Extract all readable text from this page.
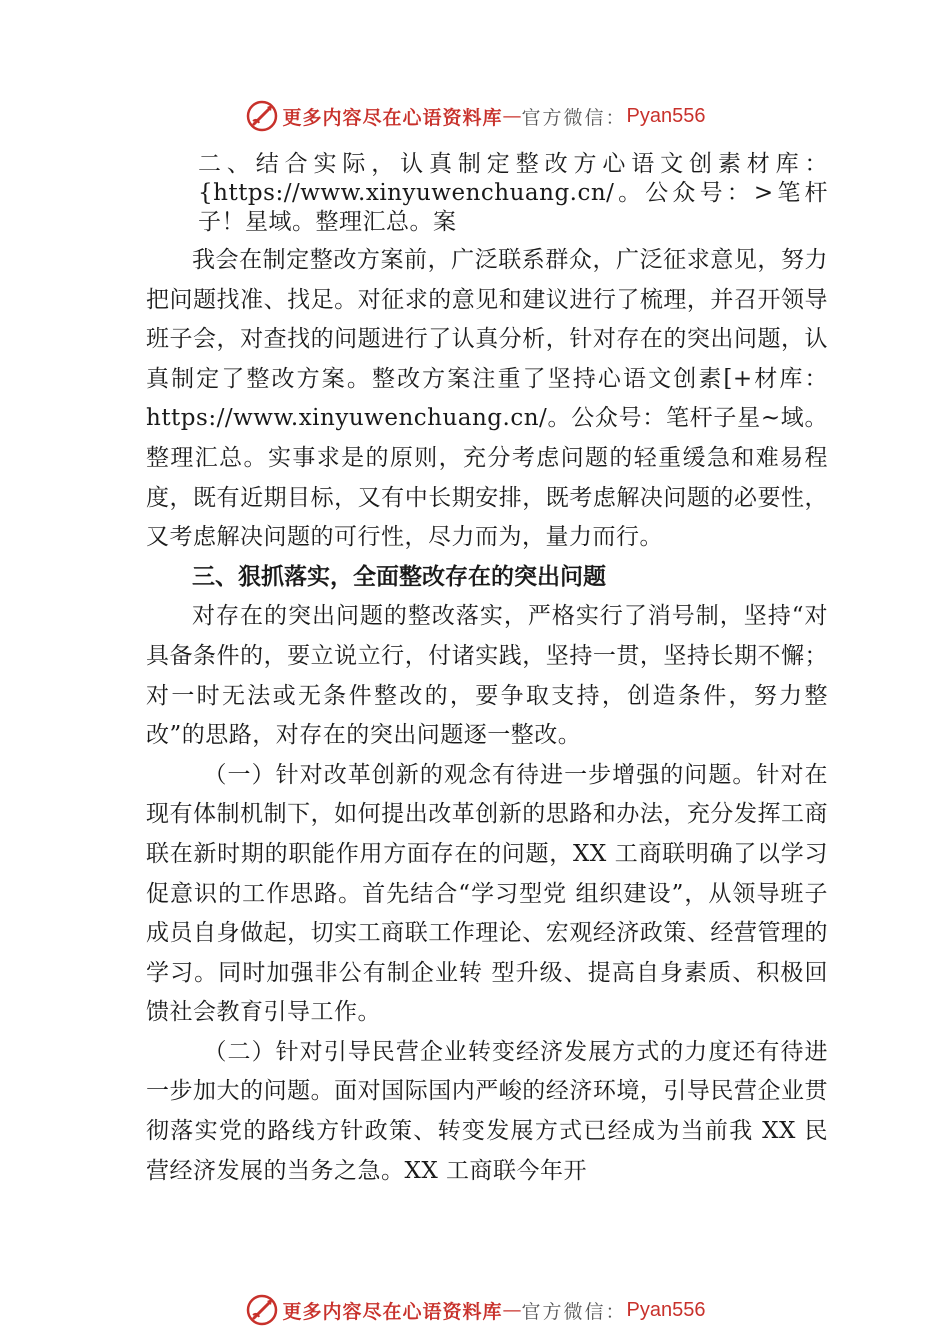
更多内容尽在心语资料库 — 官方微信： Pyan556

二、结合实际，认真制定整改方心语文创素材库：{https://www.xinyuwenchuang.cn/。公众号：>笔杆子！星域。整理汇总。案

我会在制定整改方案前，广泛联系群众，广泛征求意见，努力把问题找准、找足。对征求的意见和建议进行了梳理，并召开领导班子会，对查找的问题进行了认真分析，针对存在的突出问题，认真制定了整改方案。整改方案注重了坚持心语文创素[+材库：https://www.xinyuwenchuang.cn/。公众号：笔杆子星~域。整理汇总。实事求是的原则，充分考虑问题的轻重缓急和难易程度，既有近期目标，又有中长期安排，既考虑解决问题的必要性， 又考虑解决问题的可行性，尽力而为，量力而行。

三、狠抓落实，全面整改存在的突出问题

对存在的突出问题的整改落实，严格实行了消号制，坚持“对具备条件的，要立说立行，付诸实践，坚持一贯，坚持长期不懈；对一时无法或无条件整改的，要争取支持，创造条件，努力整改”的思路，对存在的突出问题逐一整改。

（一）针对改革创新的观念有待进一步增强的问题。针对在现有体制机制下，如何提出改革创新的思路和办法，充分发挥工商联在新时期的职能作用方面存在的问题，XX 工商联明确了以学习促意识的工作思路。首先结合“学习型党 组织建设”，从领导班子成员自身做起，切实工商联工作理论、宏观经济政策、经营管理的学习。同时加强非公有制企业转 型升级、提高自身素质、积极回馈社会教育引导工作。

（二）针对引导民营企业转变经济发展方式的力度还有待进一步加大的问题。面对国际国内严峻的经济环境，引导民营企业贯彻落实党的路线方针政策、转变发展方式已经成为当前我 XX 民营经济发展的当务之急。XX 工商联今年开

更多内容尽在心语资料库 — 官方微信： Pyan556
